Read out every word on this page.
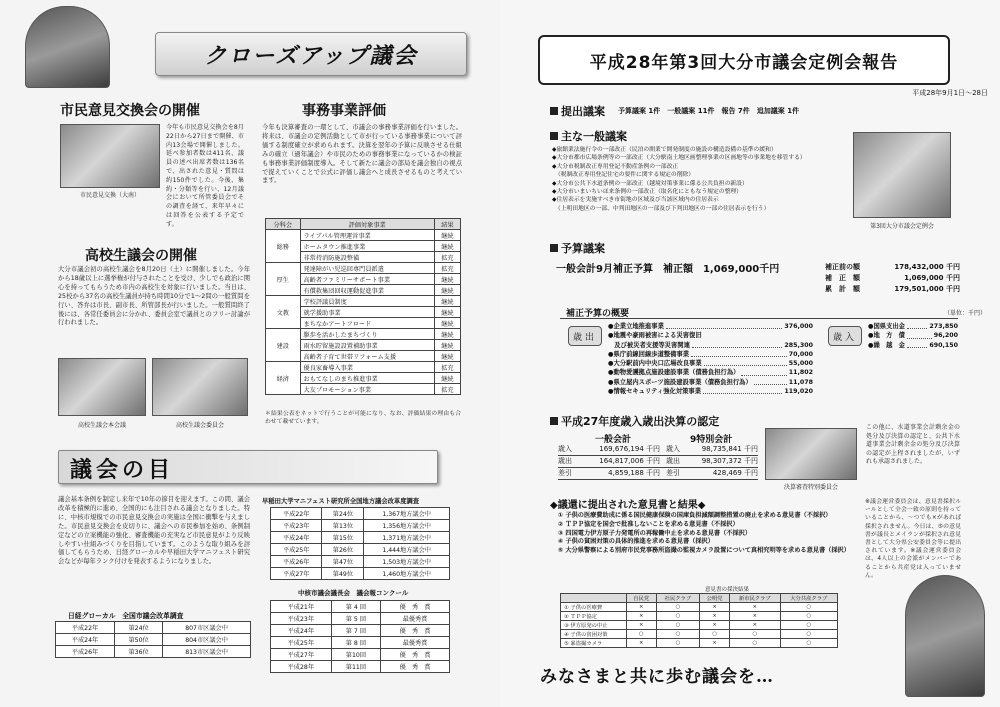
クローズアップ議会
市民意見交換会の開催
市民意見交換（大南）
今年も市民意見交換会を8月22日から27日まで開催、市内13会場で開催しました。延べ参加者数は411名、議員の述べ出席者数は136名で、出された意見・質問は約150件でした。今後、集約・分類等を行い、12月議会において所管委員会でその調査を経て、来年早々には回答を公表する予定です。
事務事業評価
今年も決算審査の一環として、市議会の事務事業評価を行いました。将来は、市議会の定例活動として市が行っている事務事業について評価する制度確立が求められます。決算を翌年の予算に反映させる仕組みの確立（過年議会）や市民のための事務事業になっているかの検証も事務事業評価制度導入。そして新たに議会の部局を議会独自の視点で捉えていくことで公式に評価し議会へと成長させるものと考えています。
分科会	評価対象事業	結果
総務	ライブパル管理運営事業	継続
	ホームタウン推進事業	継続
	非常持消防施設整備	拡充
厚生	発達障がい児巡回専門員派遣	拡充
	高齢者ファミリーサポート事業	継続
	有償救集団回収運動促進事業	継続
文教	学校評議員制度	継続
	就学援助事業	継続
	まちなかアートフロード	継続
建設	駆歩を活かしたまちづくり	継続
	雨水貯留施設設置補助事業	継続
	高齢者子育て世帯リフォーム支援	継続
経済	優良家畜導入事業	拡充
	おもてなしのまち推進事業	継続
	大友プロモーション事業	拡充
＊結果公表をネットで行うことが可能になり、なお、評価結果の理由も合わせて載せています。
高校生議会の開催
大分市議会初の高校生議会を8月20日（土）に開催しました。今年から18歳以上に選挙権が付与されたことを受け、少しでも政治に関心を持ってもらうため市内の高校生を対象に行いました。当日は、25校から37名の高校生議員が持ち時間10分で1～2問の一般質問を行い、答弁は市長、副市長、所管部長が行いました。一般質問終了後には、各常任委員会に分かれ、委員会室で議員とのフリー討論が行われました。
高校生議会本会議	高校生議会委員会
議会の目
議会基本条例を制定し来年で10年の節目を迎えます。この間、議会改革を積極的に進め、全国的にも注目される議会となりました。特に、中核市規模での市民意見交換会の実施は全国に衝撃を与えました。市民意見交換会を皮切りに、議会への市民参加を始め、条例制定などの立案機能の強化、審査機能の充実など市民意見がより反映しやすい仕組みづくりを目指しています。このような取り組みを評価してもらうため、日経グローカルや早稲田大学マニフェスト研究会などが毎年ランク付けを発表するようになりました。
日経グローカル　全国市議会改革調査
平成22年	第24位	807市区議会中
平成24年	第50位	804市区議会中
平成26年	第36位	813市区議会中
早稲田大学マニフェスト研究所全国地方議会改革度調査
平成22年	第24位	1,367地方議会中
平成23年	第13位	1,356地方議会中
平成24年	第15位	1,371地方議会中
平成25年	第26位	1,444地方議会中
平成26年	第47位	1,503地方議会中
平成27年	第49位	1,460地方議会中
中核市議会議長会　議会報コンクール
平成21年	第 4 回	優　秀　賞
平成23年	第 5 回	最優秀賞
平成24年	第 7 回	優　秀　賞
平成25年	第 8 回	最優秀賞
平成27年	第10回	優　秀　賞
平成28年	第11回	優　秀　賞
平成28年第3回大分市議会定例会報告
平成28年9月1日～28日
提出議案 予算議案 1件　一般議案 11件　報告 7件　追加議案 1件
主な一般議案
◆旅館業法施行令の一部改正（民泊の開業で開発制度の施設の構造設備の基準の緩和）
◆大分市都市広場条例等の一部改正（大分駅南土地区画整理事業の区画地等の事業地を移管する）
◆大分市税制改正専用登記不動産条例の一部改正
　（税制改正専用登記住宅の要件に関する規定の削除）
◆大分市公共下水道条例の一部改正（越境対策事業に係る公共負担の新設）
◆大分市いまいちいほ来条例の一部改正（取名化にともなう規定の整理）
◆住居表示を実施すべき市街地の区域及び当該区域内の住居表示
　（上明田地区の一部、中判田地区の一部及び下判田地区の一部の住居表示を行う）
第3回大分市議会定例会
予算議案
一般会計9月補正予算　補正額　1,069,000千円	補正前の額	178,432,000 千円
補　正　額	1,069,000 千円
累　計　額	179,501,000 千円
補正予算の概要	（単位：千円）
歳出
●企業立地推進事業	376,000
●地震や豪雨被害による災害復旧
　及び被災者支援等災害関連	285,300
●県庁前線回線歩道整備事業	70,000
●大分駅前内中央口広場改良事業	55,000
●動物愛護拠点施設建設事業（債務負担行為）	11,802
●県立屋内スポーツ施設建設事業（債務負担行為）	11,078
●情報セキュリティ強化対策事業	119,020
歳入
●国県支出金	273,850
●地　方　債	96,200
●繰　越　金	690,150
平成27年度歳入歳出決算の認定
一般会計	9特別会計
歳入	169,676,194 千円 歳入	98,735,841 千円
歳出	164,817,006 千円 歳出	98,307,372 千円
差引	4,859,188 千円 差引	428,469 千円
決算審査特別委員会
この他に、水道事業会計剰余金の処分及び決算の認定と、公共下水道事業会計剰余金の処分及び決算の認定が上程されましたが、いずれも承認されました。
◆議還に提出された意見書と結果◆
① 子供の医療費助成に係る国民健康保険の国庫負担減額調整措置の廃止を求める意見書（不採択）
② ＴＰＰ協定を国会で批准しないことを求める意見書（不採択）
③ 四国電力伊方原子力発電所の再稼働中止を求める意見書（不採択）
④ 子供の貧困対策の具体的推進を求める意見書（採択）
⑤ 大分県警察による別府市民党事務所盗撮の監視カメラ設置について真相究明等を求める意見書（採択）
意見書の採決結果
	自民党	社民クラブ	公明党	新市民クラブ	大分共産クラブ
① 子供の医療費	×	○	×	×	○
② ＴＰＰ協定	×	○	×	×	○
③ 伊方原発の中止	×	○	×	×	○
④ 子供の貧困対策	○	○	○	○	○
⑤ 暴盗撮カメラ	×	○	×	○	○
※議会運営委員会は、意見書採択ルールとして全会一致の原則を持っていることから、～つでも×があれば採択されません。今日は、⑤の意見書が議長とメイランが採択され意見書として大分県公安委員会等に提出されています。※議会運営委員会は、4人以上の会派がメンバーであることから共産党は入っていません。
みなさまと共に歩む議会を…
